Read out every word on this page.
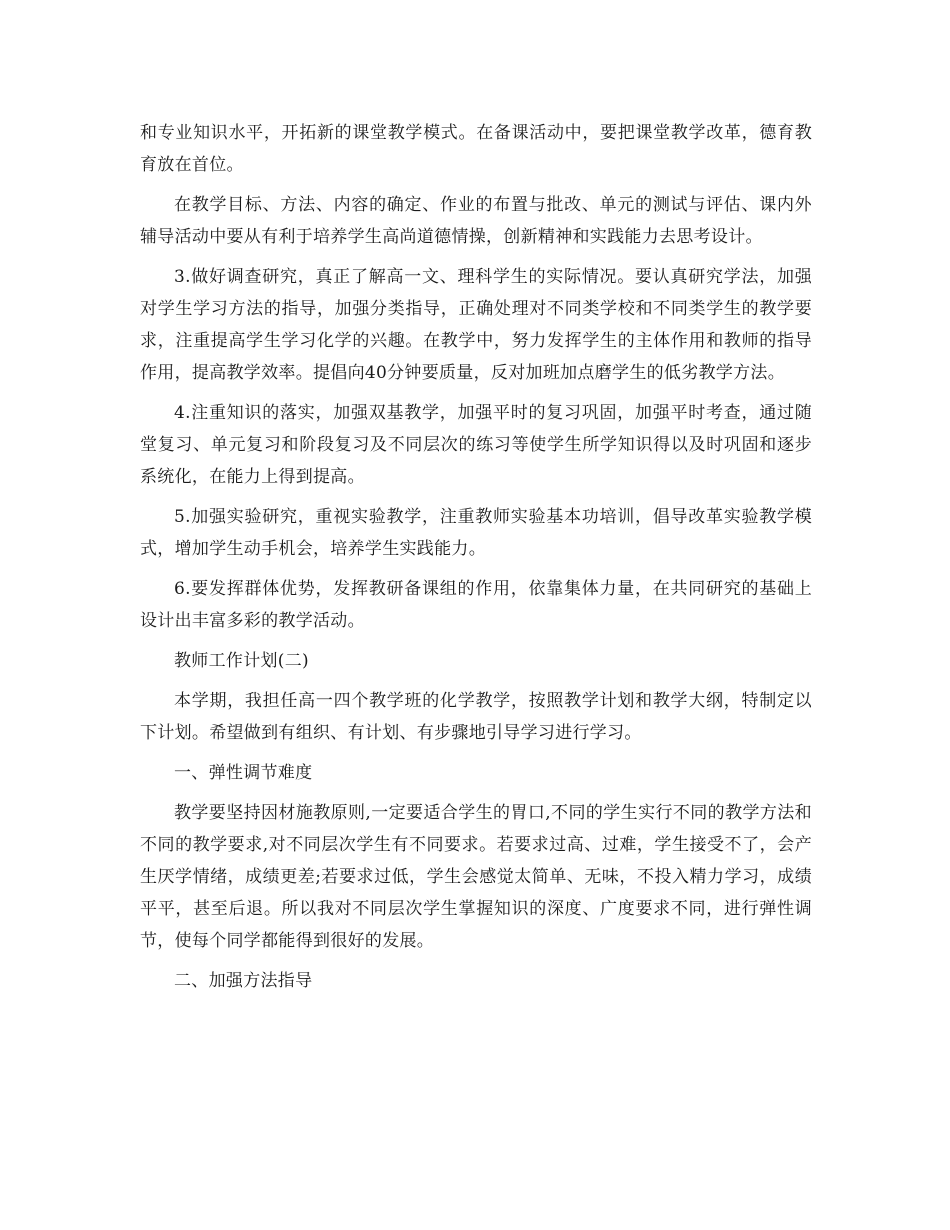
和专业知识水平，开拓新的课堂教学模式。在备课活动中，要把课堂教学改革，德育教育放在首位。

在教学目标、方法、内容的确定、作业的布置与批改、单元的测试与评估、课内外辅导活动中要从有利于培养学生高尚道德情操，创新精神和实践能力去思考设计。

3.做好调查研究，真正了解高一文、理科学生的实际情况。要认真研究学法，加强对学生学习方法的指导，加强分类指导，正确处理对不同类学校和不同类学生的教学要求，注重提高学生学习化学的兴趣。在教学中，努力发挥学生的主体作用和教师的指导作用，提高教学效率。提倡向40分钟要质量，反对加班加点磨学生的低劣教学方法。

4.注重知识的落实，加强双基教学，加强平时的复习巩固，加强平时考查，通过随堂复习、单元复习和阶段复习及不同层次的练习等使学生所学知识得以及时巩固和逐步系统化，在能力上得到提高。

5.加强实验研究，重视实验教学，注重教师实验基本功培训，倡导改革实验教学模式，增加学生动手机会，培养学生实践能力。

6.要发挥群体优势，发挥教研备课组的作用，依靠集体力量，在共同研究的基础上设计出丰富多彩的教学活动。

教师工作计划(二)

本学期，我担任高一四个教学班的化学教学，按照教学计划和教学大纲，特制定以下计划。希望做到有组织、有计划、有步骤地引导学习进行学习。

一、弹性调节难度

教学要坚持因材施教原则,一定要适合学生的胃口,不同的学生实行不同的教学方法和不同的教学要求,对不同层次学生有不同要求。若要求过高、过难，学生接受不了，会产生厌学情绪，成绩更差;若要求过低，学生会感觉太简单、无味，不投入精力学习，成绩平平，甚至后退。所以我对不同层次学生掌握知识的深度、广度要求不同，进行弹性调节，使每个同学都能得到很好的发展。

二、加强方法指导
